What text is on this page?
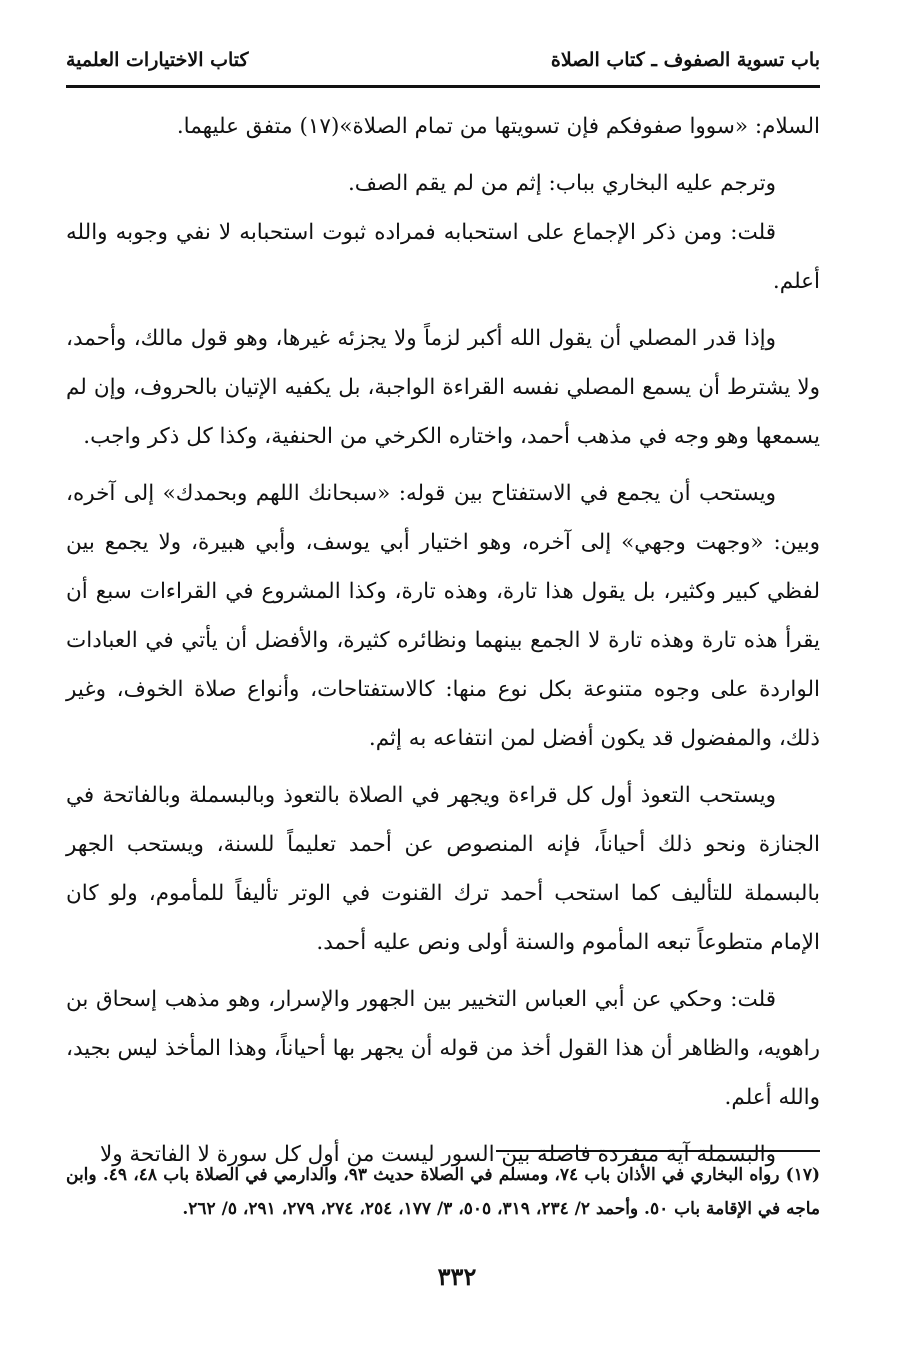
باب تسوية الصفوف ـ كتاب الصلاة
كتاب الاختيارات العلمية

السلام: «سووا صفوفكم فإن تسويتها من تمام الصلاة»(١٧) متفق عليهما.

وترجم عليه البخاري بباب: إثم من لم يقم الصف.

قلت: ومن ذكر الإجماع على استحبابه فمراده ثبوت استحبابه لا نفي وجوبه والله أعلم.

وإذا قدر المصلي أن يقول الله أكبر لزماً ولا يجزئه غيرها، وهو قول مالك، وأحمد، ولا يشترط أن يسمع المصلي نفسه القراءة الواجبة، بل يكفيه الإتيان بالحروف، وإن لم يسمعها وهو وجه في مذهب أحمد، واختاره الكرخي من الحنفية، وكذا كل ذكر واجب.

ويستحب أن يجمع في الاستفتاح بين قوله: «سبحانك اللهم وبحمدك» إلى آخره، وبين: «وجهت وجهي» إلى آخره، وهو اختيار أبي يوسف، وأبي هبيرة، ولا يجمع بين لفظي كبير وكثير، بل يقول هذا تارة، وهذه تارة، وكذا المشروع في القراءات سبع أن يقرأ هذه تارة وهذه تارة لا الجمع بينهما ونظائره كثيرة، والأفضل أن يأتي في العبادات الواردة على وجوه متنوعة بكل نوع منها: كالاستفتاحات، وأنواع صلاة الخوف، وغير ذلك، والمفضول قد يكون أفضل لمن انتفاعه به إثم.

ويستحب التعوذ أول كل قراءة ويجهر في الصلاة بالتعوذ وبالبسملة وبالفاتحة في الجنازة ونحو ذلك أحياناً، فإنه المنصوص عن أحمد تعليماً للسنة، ويستحب الجهر بالبسملة للتأليف كما استحب أحمد ترك القنوت في الوتر تأليفاً للمأموم، ولو كان الإمام متطوعاً تبعه المأموم والسنة أولى ونص عليه أحمد.

قلت: وحكي عن أبي العباس التخيير بين الجهور والإسرار، وهو مذهب إسحاق بن راهويه، والظاهر أن هذا القول أخذ من قوله أن يجهر بها أحياناً، وهذا المأخذ ليس بجيد، والله أعلم.

والبسملة آية منفردة فاصلة بين السور ليست من أول كل سورة لا الفاتحة ولا

(١٧) رواه البخاري في الأذان باب ٧٤، ومسلم في الصلاة حديث ٩٣، والدارمي في الصلاة باب ٤٨، ٤٩. وابن ماجه في الإقامة باب ٥٠. وأحمد ٢/ ٢٣٤، ٣١٩، ٥٠٥، ٣/ ١٧٧، ٢٥٤، ٢٧٤، ٢٧٩، ٢٩١، ٥/ ٢٦٢.
٣٣٢
